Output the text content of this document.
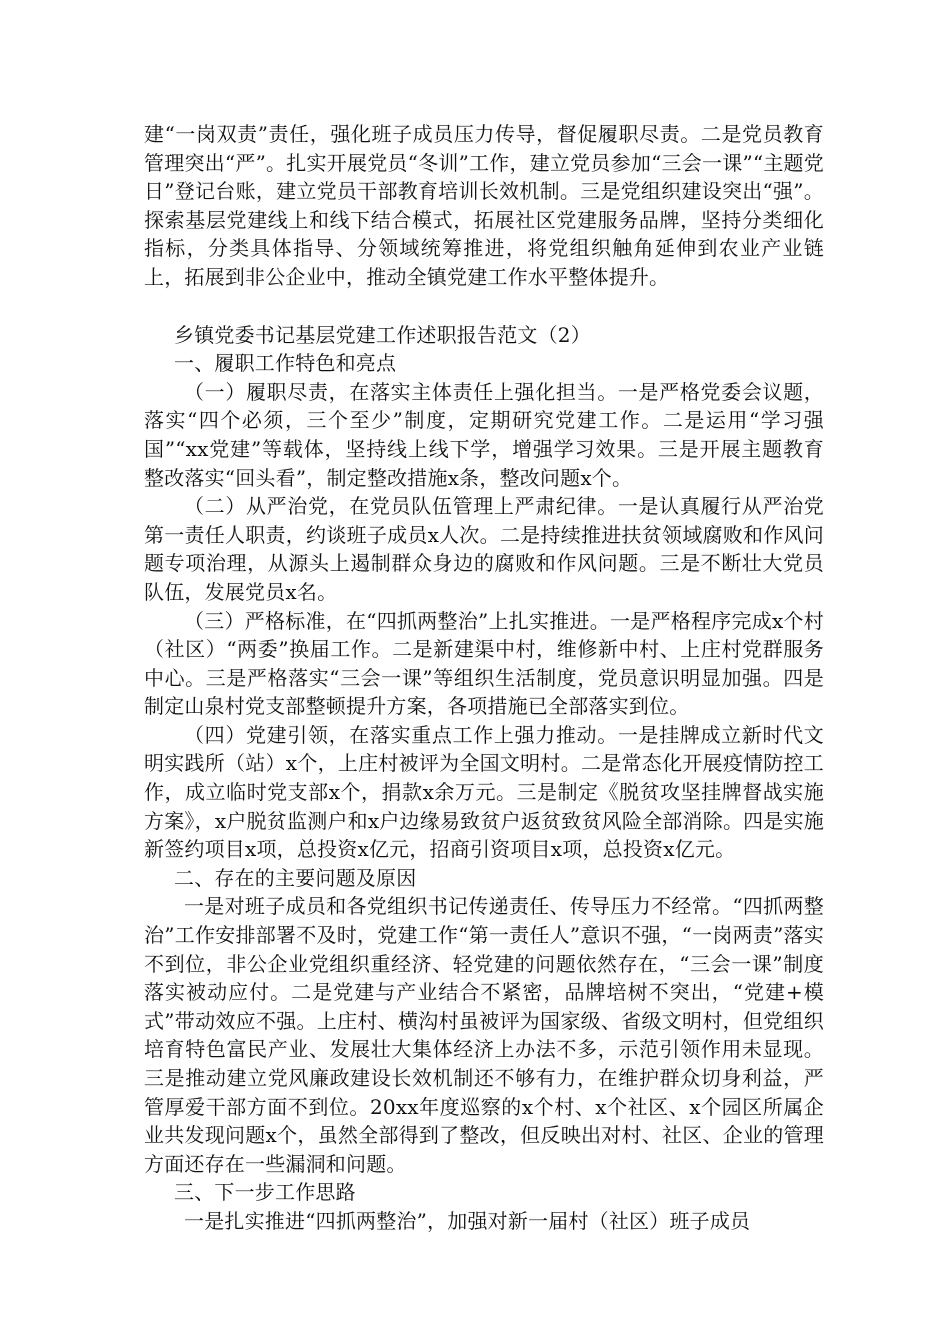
建“一岗双责”责任，强化班子成员压力传导，督促履职尽责。二是党员教育管理突出“严”。扎实开展党员“冬训”工作，建立党员参加“三会一课”“主题党日”登记台账，建立党员干部教育培训长效机制。三是党组织建设突出“强”。探索基层党建线上和线下结合模式，拓展社区党建服务品牌，坚持分类细化指标，分类具体指导、分领域统筹推进，将党组织触角延伸到农业产业链上，拓展到非公企业中，推动全镇党建工作水平整体提升。

乡镇党委书记基层党建工作述职报告范文（2）

一、履职工作特色和亮点

（一）履职尽责，在落实主体责任上强化担当。一是严格党委会议题，落实“四个必须，三个至少”制度，定期研究党建工作。二是运用“学习强国”“xx党建”等载体，坚持线上线下学，增强学习效果。三是开展主题教育整改落实“回头看”，制定整改措施x条，整改问题x个。

（二）从严治党，在党员队伍管理上严肃纪律。一是认真履行从严治党第一责任人职责，约谈班子成员x人次。二是持续推进扶贫领域腐败和作风问题专项治理，从源头上遏制群众身边的腐败和作风问题。三是不断壮大党员队伍，发展党员x名。

（三）严格标准，在“四抓两整治”上扎实推进。一是严格程序完成x个村（社区）“两委”换届工作。二是新建渠中村，维修新中村、上庄村党群服务中心。三是严格落实“三会一课”等组织生活制度，党员意识明显加强。四是制定山泉村党支部整顿提升方案，各项措施已全部落实到位。

（四）党建引领，在落实重点工作上强力推动。一是挂牌成立新时代文明实践所（站）x个，上庄村被评为全国文明村。二是常态化开展疫情防控工作，成立临时党支部x个，捐款x余万元。三是制定《脱贫攻坚挂牌督战实施方案》，x户脱贫监测户和x户边缘易致贫户返贫致贫风险全部消除。四是实施新签约项目x项，总投资x亿元，招商引资项目x项，总投资x亿元。

二、存在的主要问题及原因

一是对班子成员和各党组织书记传递责任、传导压力不经常。“四抓两整治”工作安排部署不及时，党建工作“第一责任人”意识不强，“一岗两责”落实不到位，非公企业党组织重经济、轻党建的问题依然存在，“三会一课”制度落实被动应付。二是党建与产业结合不紧密，品牌培树不突出，“党建+模式”带动效应不强。上庄村、横沟村虽被评为国家级、省级文明村，但党组织培育特色富民产业、发展壮大集体经济上办法不多，示范引领作用未显现。三是推动建立党风廉政建设长效机制还不够有力，在维护群众切身利益，严管厚爱干部方面不到位。20xx年度巡察的x个村、x个社区、x个园区所属企业共发现问题x个，虽然全部得到了整改，但反映出对村、社区、企业的管理方面还存在一些漏洞和问题。

三、下一步工作思路

一是扎实推进“四抓两整治”，加强对新一届村（社区）班子成员
